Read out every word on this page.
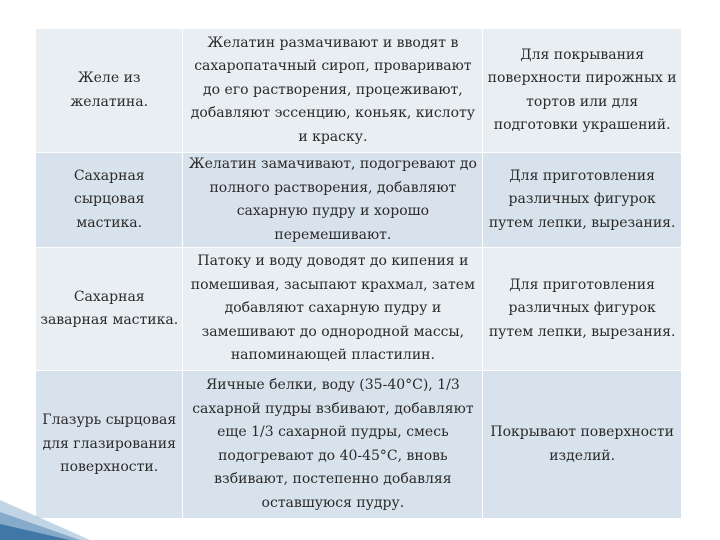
Желе из желатина.	Желатин размачивают и вводят в сахаропатачный сироп, проваривают до его растворения, процеживают, добавляют эссенцию, коньяк, кислоту и краску.	Для покрывания поверхности пирожных и тортов или для подготовки украшений.
Сахарная сырцовая мастика.	Желатин замачивают, подогревают до полного растворения, добавляют сахарную пудру и хорошо перемешивают.	Для приготовления различных фигурок путем лепки, вырезания.
Сахарная заварная мастика.	Патоку и воду доводят до кипения и помешивая, засыпают крахмал, затем добавляют сахарную пудру и замешивают до однородной массы, напоминающей пластилин.	Для приготовления различных фигурок путем лепки, вырезания.
Глазурь сырцовая для глазирования поверхности.	Яичные белки, воду (35-40°С), 1/3 сахарной пудры взбивают, добавляют еще 1/3 сахарной пудры, смесь подогревают до 40-45°С, вновь взбивают, постепенно добавляя оставшуюся пудру.	Покрывают поверхности изделий.
